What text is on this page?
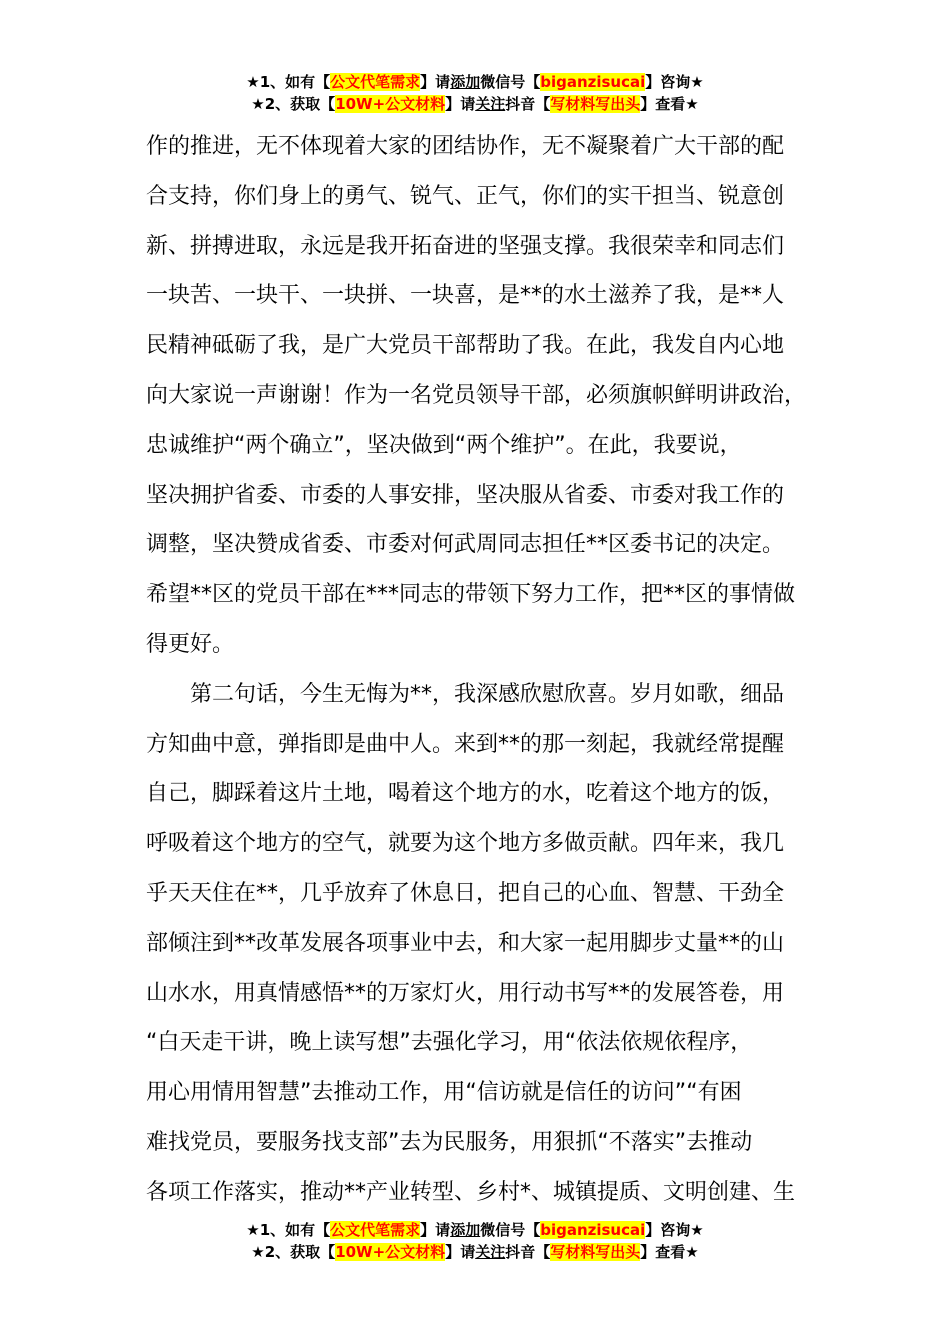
★1、如有【公文代笔需求】请添加微信号【biganzisucai】咨询★
★2、获取【10W+公文材料】请关注抖音【写材料写出头】查看★

作的推进，无不体现着大家的团结协作，无不凝聚着广大干部的配

合支持，你们身上的勇气、锐气、正气，你们的实干担当、锐意创

新、拼搏进取，永远是我开拓奋进的坚强支撑。我很荣幸和同志们

一块苦、一块干、一块拼、一块喜，是**的水土滋养了我，是**人

民精神砥砺了我，是广大党员干部帮助了我。在此，我发自内心地

向大家说一声谢谢！作为一名党员领导干部，必须旗帜鲜明讲政治，

忠诚维护“两个确立”，坚决做到“两个维护”。在此，我要说，

坚决拥护省委、市委的人事安排，坚决服从省委、市委对我工作的

调整，坚决赞成省委、市委对何武周同志担任**区委书记的决定。

希望**区的党员干部在***同志的带领下努力工作，把**区的事情做

得更好。

第二句话，今生无悔为**，我深感欣慰欣喜。岁月如歌，细品

方知曲中意，弹指即是曲中人。来到**的那一刻起，我就经常提醒

自己，脚踩着这片土地，喝着这个地方的水，吃着这个地方的饭，

呼吸着这个地方的空气，就要为这个地方多做贡献。四年来，我几

乎天天住在**，几乎放弃了休息日，把自己的心血、智慧、干劲全

部倾注到**改革发展各项事业中去，和大家一起用脚步丈量**的山

山水水，用真情感悟**的万家灯火，用行动书写**的发展答卷，用

“白天走干讲，晚上读写想”去强化学习，用“依法依规依程序，

用心用情用智慧”去推动工作，用“信访就是信任的访问”“有困

难找党员，要服务找支部”去为民服务，用狠抓“不落实”去推动

各项工作落实，推动**产业转型、乡村*、城镇提质、文明创建、生

★1、如有【公文代笔需求】请添加微信号【biganzisucai】咨询★
★2、获取【10W+公文材料】请关注抖音【写材料写出头】查看★
